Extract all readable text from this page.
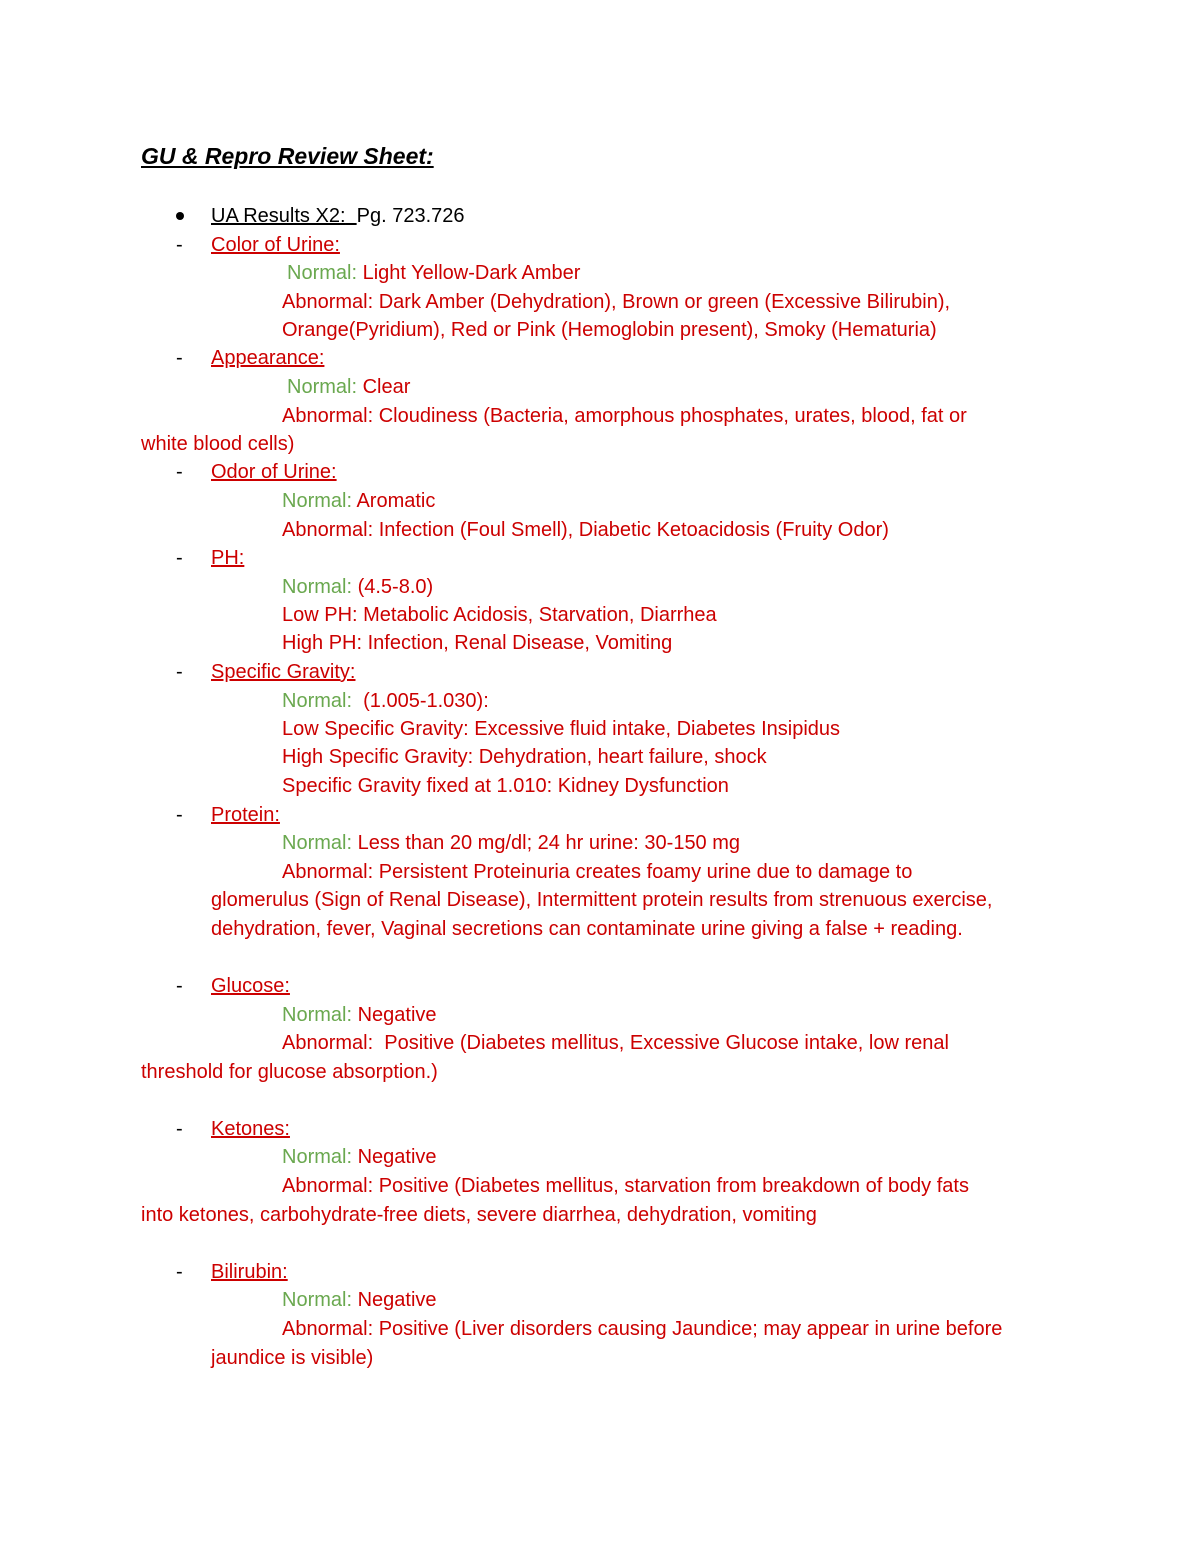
GU & Repro Review Sheet:
UA Results X2: Pg. 723.726
- Color of Urine:
Normal: Light Yellow-Dark Amber
Abnormal: Dark Amber (Dehydration), Brown or green (Excessive Bilirubin),
Orange(Pyridium), Red or Pink (Hemoglobin present), Smoky (Hematuria)
- Appearance:
Normal: Clear
Abnormal: Cloudiness (Bacteria, amorphous phosphates, urates, blood, fat or
white blood cells)
- Odor of Urine:
Normal: Aromatic
Abnormal: Infection (Foul Smell), Diabetic Ketoacidosis (Fruity Odor)
- PH:
Normal: (4.5-8.0)
Low PH: Metabolic Acidosis, Starvation, Diarrhea
High PH: Infection, Renal Disease, Vomiting
- Specific Gravity:
Normal:  (1.005-1.030):
Low Specific Gravity: Excessive fluid intake, Diabetes Insipidus
High Specific Gravity: Dehydration, heart failure, shock
Specific Gravity fixed at 1.010: Kidney Dysfunction
- Protein:
Normal: Less than 20 mg/dl; 24 hr urine: 30-150 mg
Abnormal: Persistent Proteinuria creates foamy urine due to damage to
glomerulus (Sign of Renal Disease), Intermittent protein results from strenuous exercise,
dehydration, fever, Vaginal secretions can contaminate urine giving a false + reading.
- Glucose:
Normal: Negative
Abnormal:  Positive (Diabetes mellitus, Excessive Glucose intake, low renal
threshold for glucose absorption.)
- Ketones:
Normal: Negative
Abnormal: Positive (Diabetes mellitus, starvation from breakdown of body fats
into ketones, carbohydrate-free diets, severe diarrhea, dehydration, vomiting
- Bilirubin:
Normal: Negative
Abnormal: Positive (Liver disorders causing Jaundice; may appear in urine before
jaundice is visible)
